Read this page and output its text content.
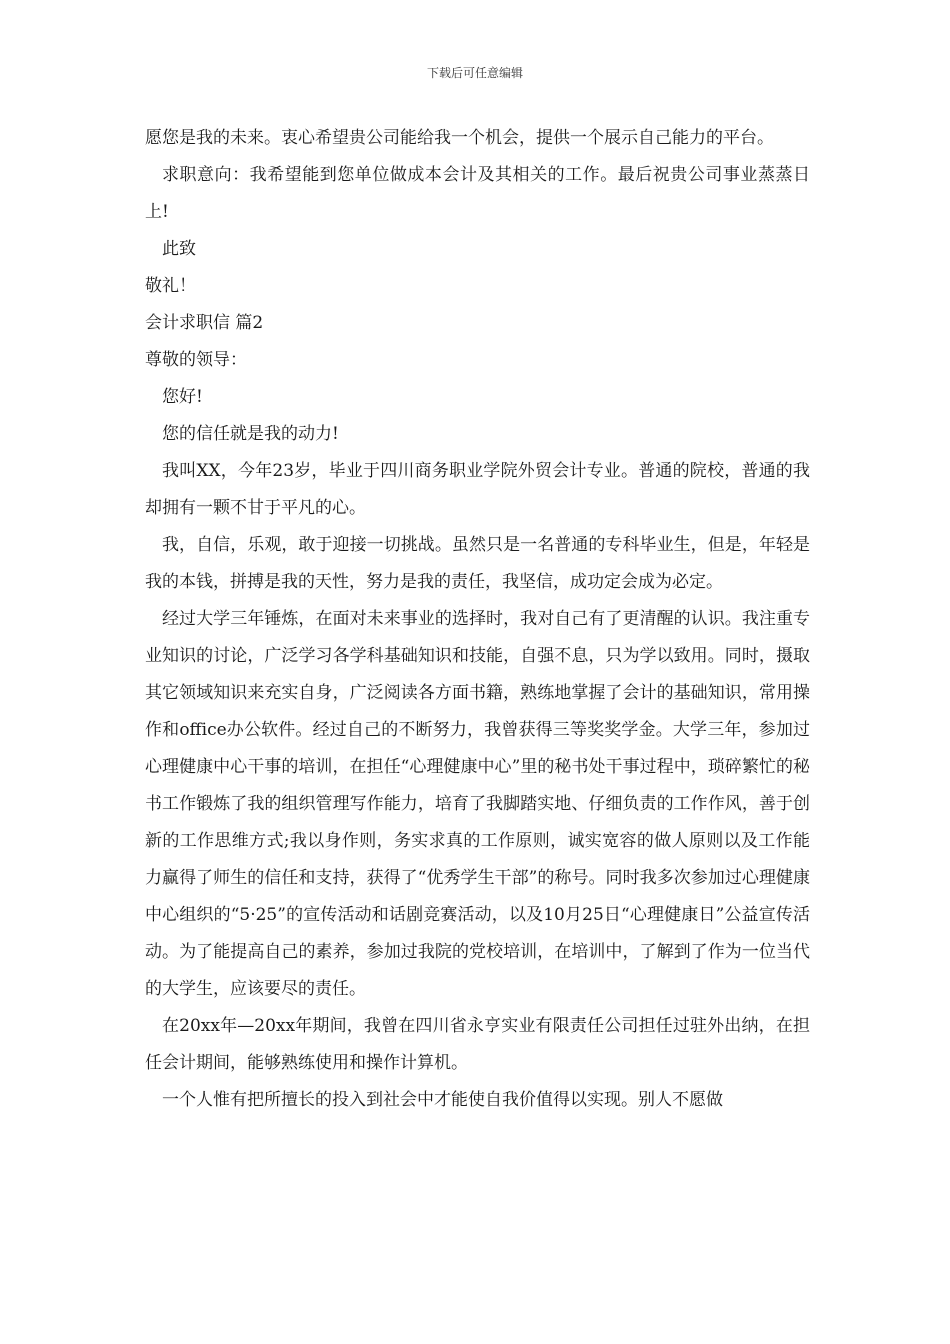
下载后可任意编辑

愿您是我的未来。衷心希望贵公司能给我一个机会，提供一个展示自己能力的平台。

求职意向：我希望能到您单位做成本会计及其相关的工作。最后祝贵公司事业蒸蒸日上!

此致

敬礼！

会计求职信 篇2

尊敬的领导：

您好!

您的信任就是我的动力!

我叫XX，今年23岁，毕业于四川商务职业学院外贸会计专业。普通的院校，普通的我却拥有一颗不甘于平凡的心。

我，自信，乐观，敢于迎接一切挑战。虽然只是一名普通的专科毕业生，但是，年轻是我的本钱，拼搏是我的天性，努力是我的责任，我坚信，成功定会成为必定。

经过大学三年锤炼，在面对未来事业的选择时，我对自己有了更清醒的认识。我注重专业知识的讨论，广泛学习各学科基础知识和技能，自强不息，只为学以致用。同时，摄取其它领域知识来充实自身，广泛阅读各方面书籍，熟练地掌握了会计的基础知识，常用操作和office办公软件。经过自己的不断努力，我曾获得三等奖奖学金。大学三年，参加过心理健康中心干事的培训，在担任“心理健康中心”里的秘书处干事过程中，琐碎繁忙的秘书工作锻炼了我的组织管理写作能力，培育了我脚踏实地、仔细负责的工作作风，善于创新的工作思维方式;我以身作则，务实求真的工作原则，诚实宽容的做人原则以及工作能力赢得了师生的信任和支持，获得了“优秀学生干部”的称号。同时我多次参加过心理健康中心组织的“5·25”的宣传活动和话剧竞赛活动，以及10月25日“心理健康日”公益宣传活动。为了能提高自己的素养，参加过我院的党校培训，在培训中，了解到了作为一位当代的大学生，应该要尽的责任。

在20xx年—20xx年期间，我曾在四川省永亨实业有限责任公司担任过驻外出纳，在担任会计期间，能够熟练使用和操作计算机。

一个人惟有把所擅长的投入到社会中才能使自我价值得以实现。别人不愿做
